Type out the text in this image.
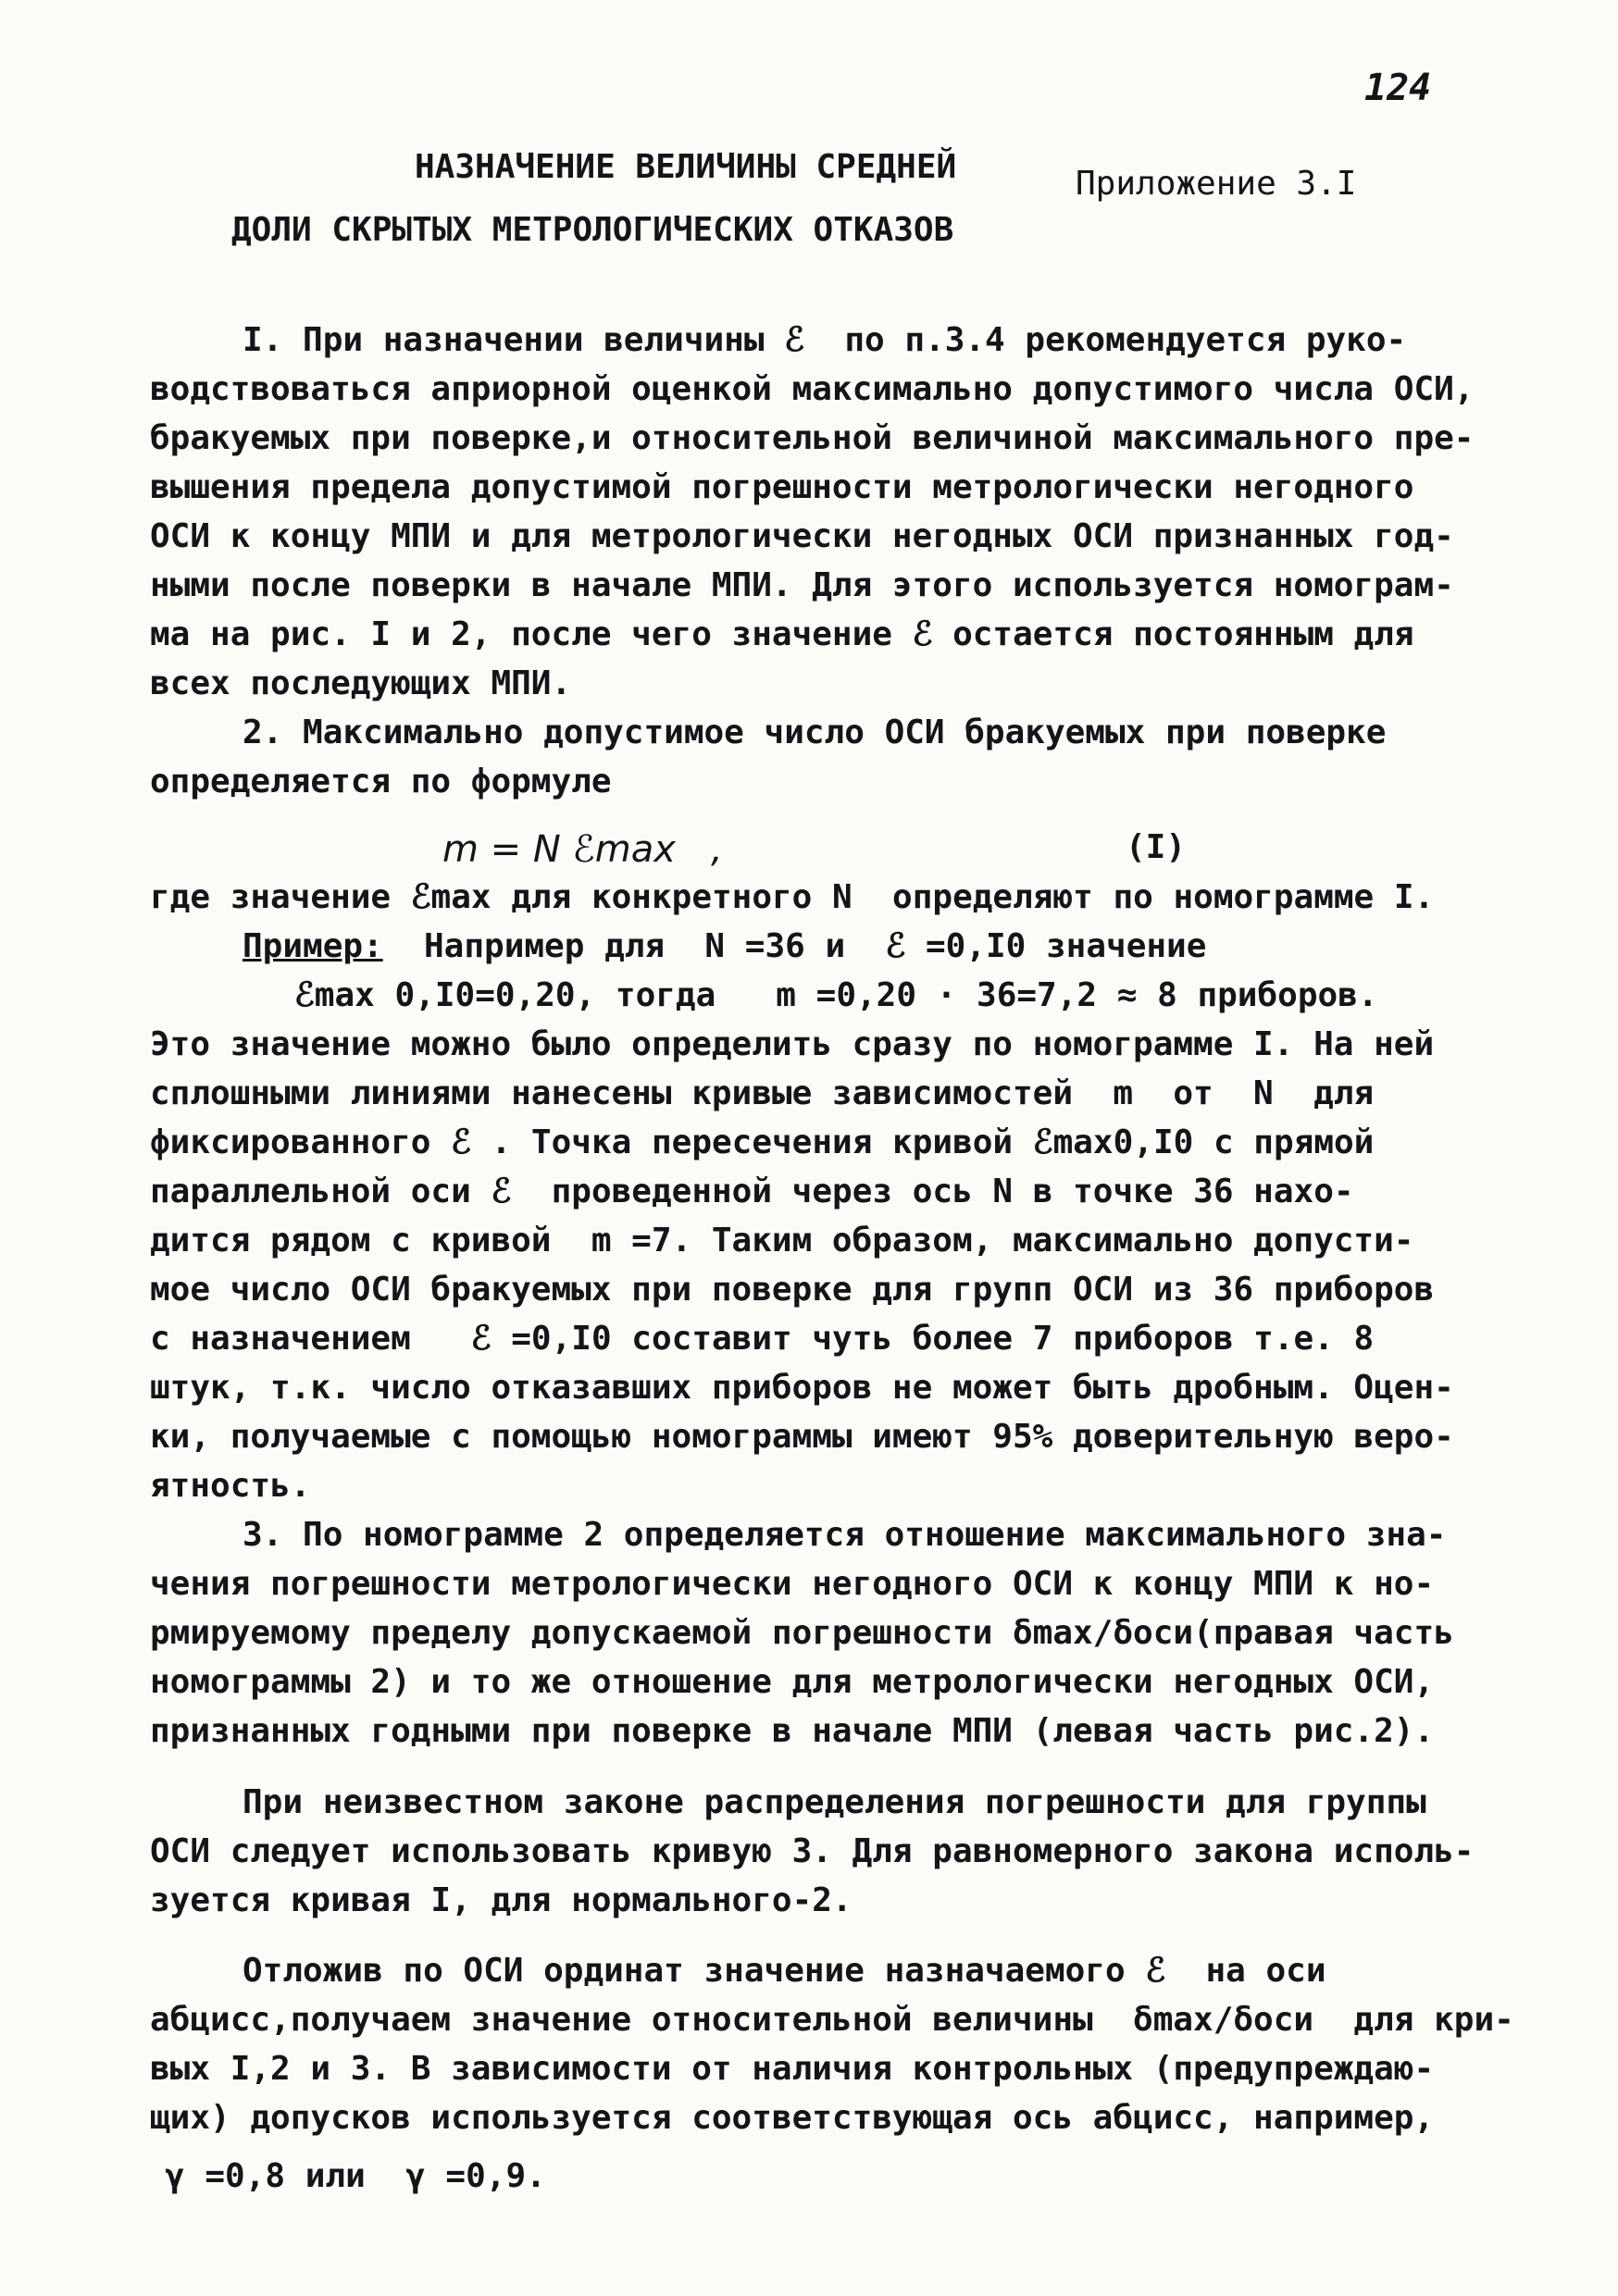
124
НАЗНАЧЕНИЕ ВЕЛИЧИНЫ СРЕДНЕЙ
ДОЛИ СКРЫТЫХ МЕТРОЛОГИЧЕСКИХ ОТКАЗОВ
Приложение 3.I
I. При назначении величины ℰ  по п.3.4 рекомендуется руко-
водствоваться априорной оценкой максимально допустимого числа ОСИ,
бракуемых при поверке,и относительной величиной максимального пре-
вышения предела допустимой погрешности метрологически негодного
ОСИ к концу МПИ и для метрологически негодных ОСИ признанных год-
ными после поверки в начале МПИ. Для этого используется номограм-
ма на рис. I и 2, после чего значение ℰ остается постоянным для
всех последующих МПИ.
2. Максимально допустимое число ОСИ бракуемых при поверке
определяется по формуле
m = N ℰmax   ,	(I)
где значение ℰmax для конкретного N  определяют по номограмме I.
Пример: Например для  N =36 и  ℰ =0,I0 значение
ℰmax 0,I0=0,20, тогда   m =0,20 · 36=7,2 ≈ 8 приборов.
Это значение можно было определить сразу по номограмме I. На ней
сплошными линиями нанесены кривые зависимостей  m  от  N  для
фиксированного ℰ . Точка пересечения кривой ℰmax0,I0 с прямой
параллельной оси ℰ  проведенной через ось N в точке 36 нахо-
дится рядом с кривой  m =7. Таким образом, максимально допусти-
мое число ОСИ бракуемых при поверке для групп ОСИ из 36 приборов
с назначением   ℰ =0,I0 составит чуть более 7 приборов т.е. 8
штук, т.к. число отказавших приборов не может быть дробным. Оцен-
ки, получаемые с помощью номограммы имеют 95% доверительную веро-
ятность.
3. По номограмме 2 определяется отношение максимального зна-
чения погрешности метрологически негодного ОСИ к концу МПИ к но-
рмируемому пределу допускаемой погрешности δmax/δоси(правая часть
номограммы 2) и то же отношение для метрологически негодных ОСИ,
признанных годными при поверке в начале МПИ (левая часть рис.2).
При неизвестном законе распределения погрешности для группы
ОСИ следует использовать кривую 3. Для равномерного закона исполь-
зуется кривая I, для нормального-2.
Отложив по ОСИ ординат значение назначаемого ℰ  на оси
абцисс,получаем значение относительной величины  δmax/δоси  для кри-
вых I,2 и 3. В зависимости от наличия контрольных (предупреждаю-
щих) допусков используется соответствующая ось абцисс, например,
γ =0,8 или  γ =0,9.
